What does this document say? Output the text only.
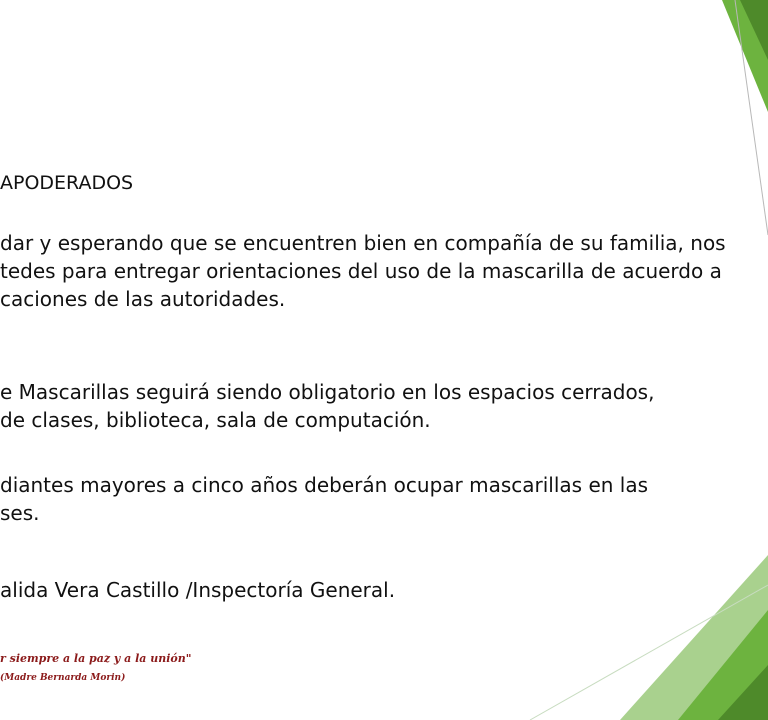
APODERADOS

dar y esperando que se encuentren bien en compañía de su familia, nos

tedes para entregar orientaciones del uso de la mascarilla de acuerdo a

caciones de las autoridades.

e Mascarillas seguirá siendo obligatorio en los espacios cerrados,

de clases, biblioteca, sala de computación.

diantes mayores a cinco años deberán ocupar mascarillas en las

ses.

alida Vera Castillo /Inspectoría General.

r siempre a la paz y a la unión"

(Madre Bernarda Morin)
